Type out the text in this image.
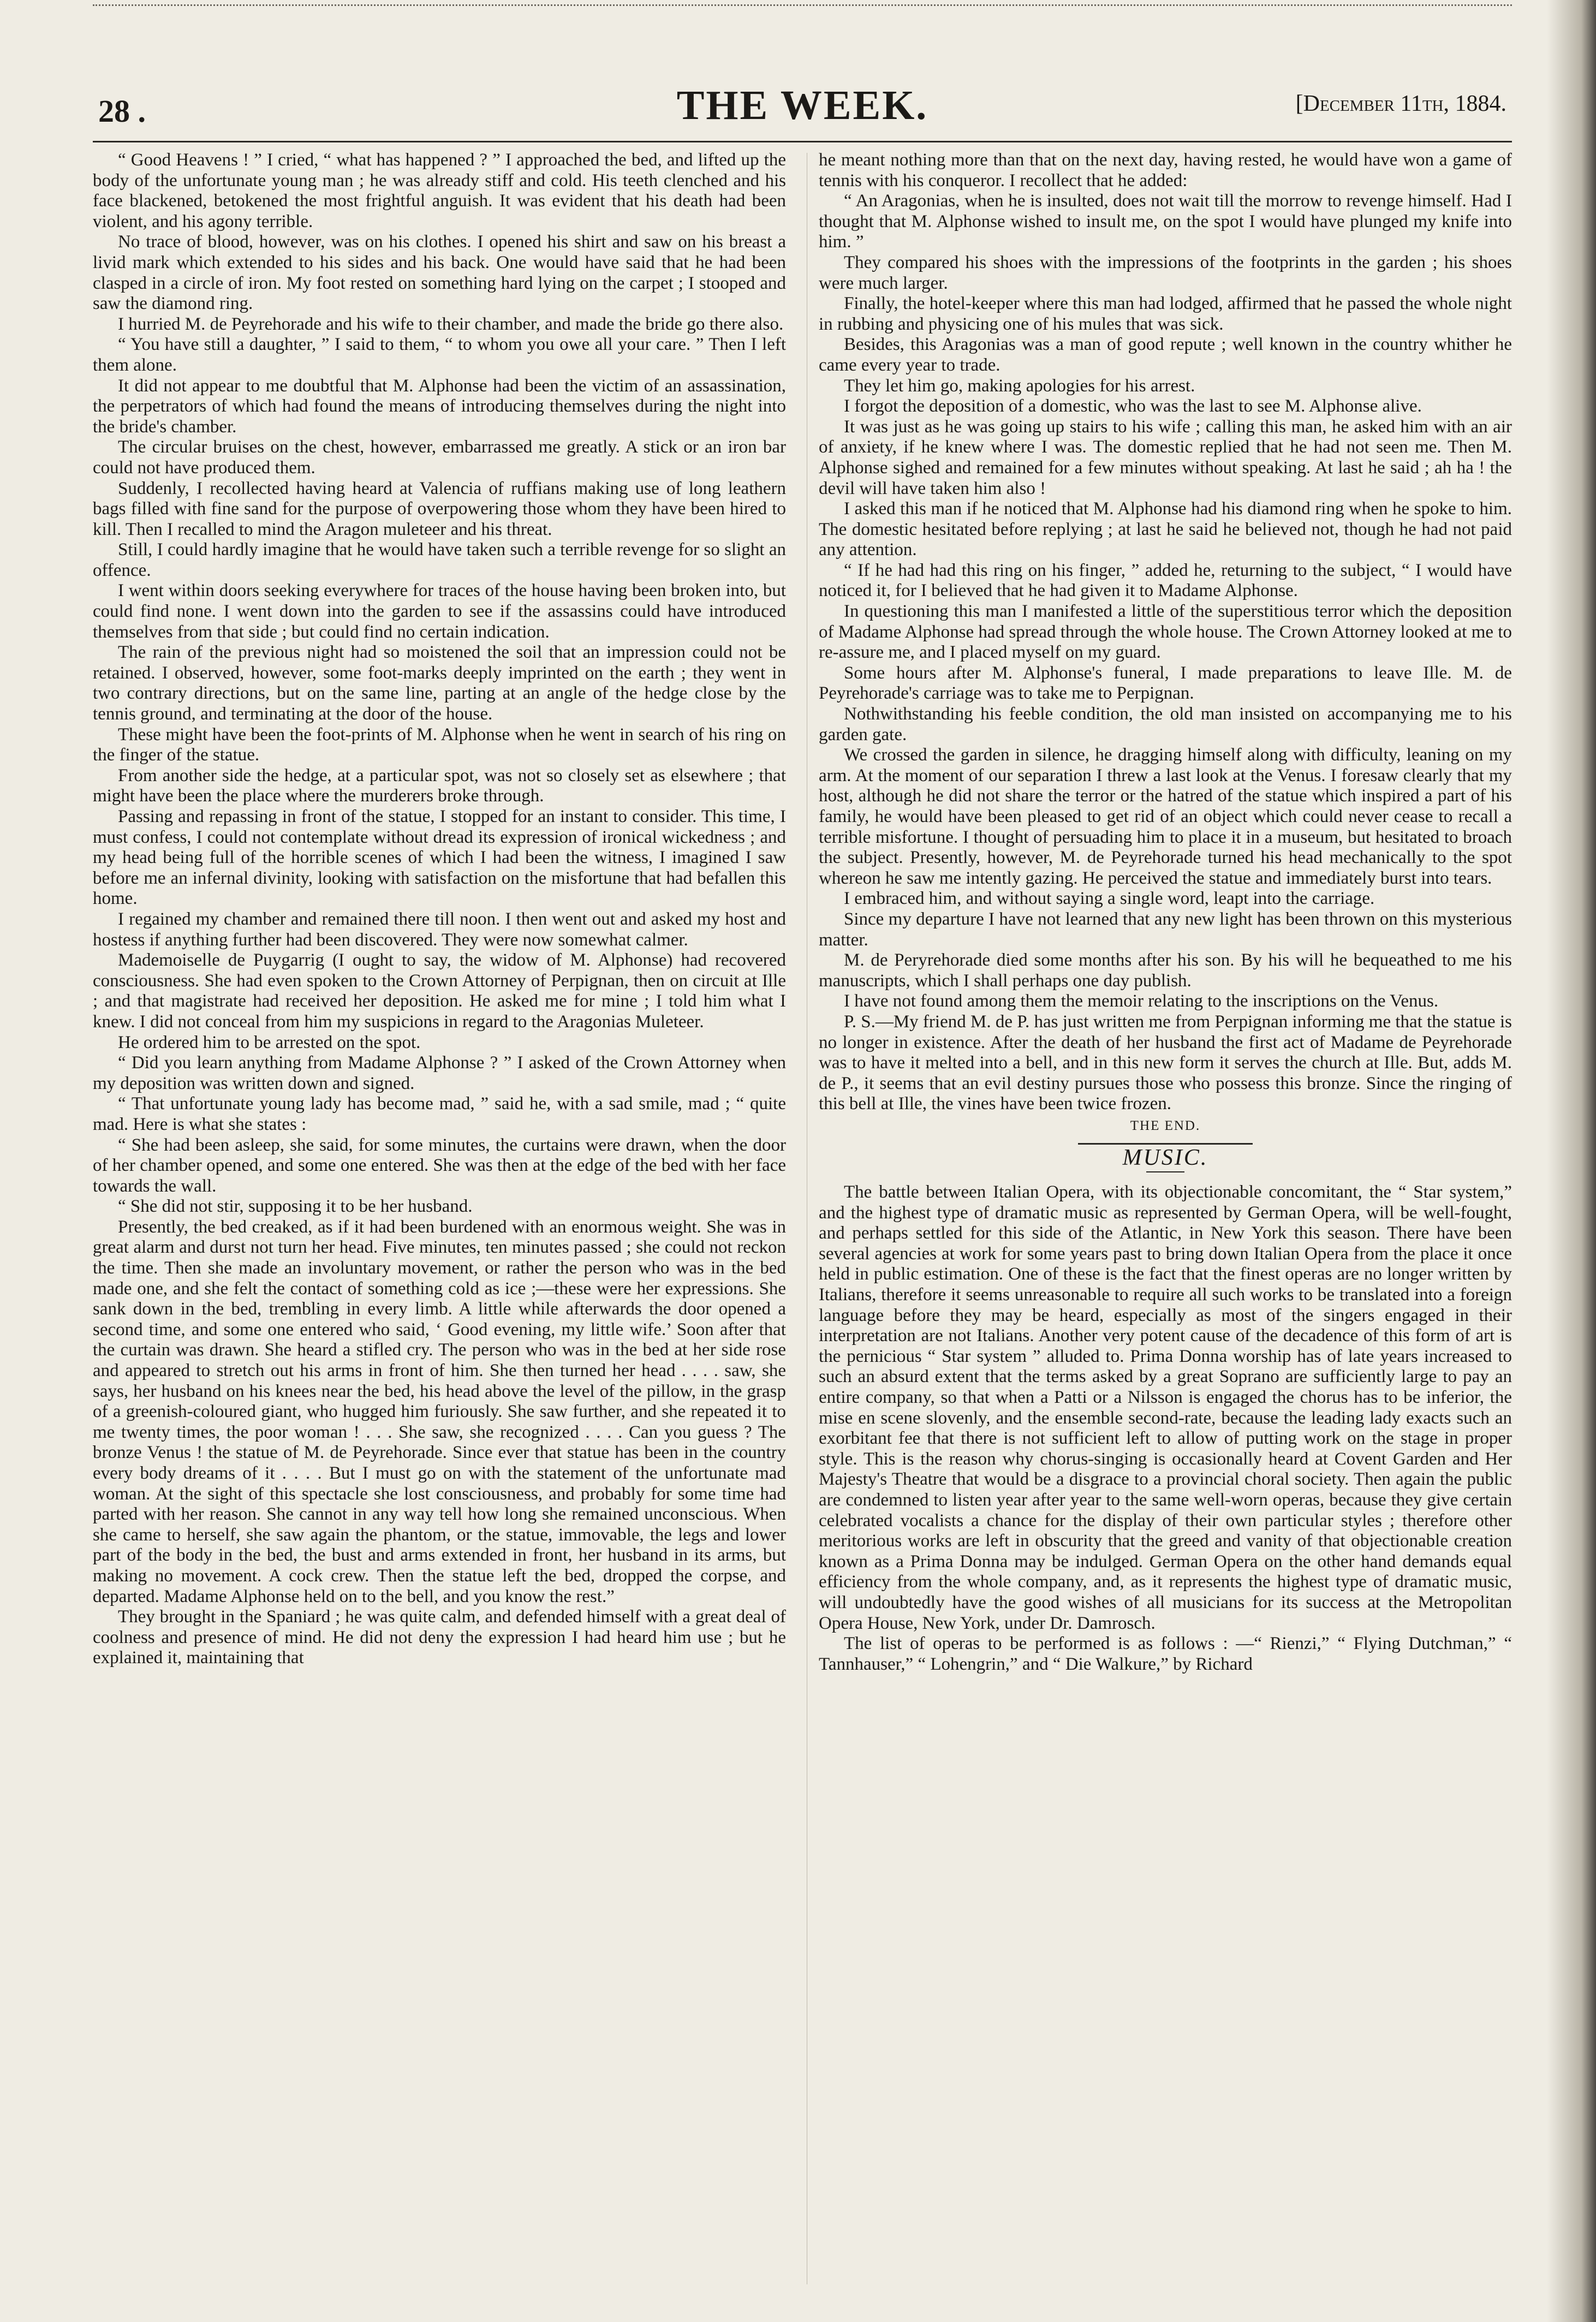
28 .	THE WEEK.	[December 11th, 1884.

“ Good Heavens ! ” I cried, “ what has happened ? ” I approached the bed, and lifted up the body of the unfortunate young man ; he was already stiff and cold. His teeth clenched and his face blackened, betokened the most frightful anguish. It was evident that his death had been violent, and his agony terrible.

No trace of blood, however, was on his clothes. I opened his shirt and saw on his breast a livid mark which extended to his sides and his back. One would have said that he had been clasped in a circle of iron. My foot rested on something hard lying on the carpet ; I stooped and saw the diamond ring.

I hurried M. de Peyrehorade and his wife to their chamber, and made the bride go there also.

“ You have still a daughter, ” I said to them, “ to whom you owe all your care. ” Then I left them alone.

It did not appear to me doubtful that M. Alphonse had been the victim of an assassination, the perpetrators of which had found the means of introducing themselves during the night into the bride's chamber.

The circular bruises on the chest, however, embarrassed me greatly. A stick or an iron bar could not have produced them.

Suddenly, I recollected having heard at Valencia of ruffians making use of long leathern bags filled with fine sand for the purpose of overpowering those whom they have been hired to kill. Then I recalled to mind the Aragon muleteer and his threat.

Still, I could hardly imagine that he would have taken such a terrible revenge for so slight an offence.

I went within doors seeking everywhere for traces of the house having been broken into, but could find none. I went down into the garden to see if the assassins could have introduced themselves from that side ; but could find no certain indication.

The rain of the previous night had so moistened the soil that an impression could not be retained. I observed, however, some foot-marks deeply imprinted on the earth ; they went in two contrary directions, but on the same line, parting at an angle of the hedge close by the tennis ground, and terminating at the door of the house.

These might have been the foot-prints of M. Alphonse when he went in search of his ring on the finger of the statue.

From another side the hedge, at a particular spot, was not so closely set as elsewhere ; that might have been the place where the murderers broke through.

Passing and repassing in front of the statue, I stopped for an instant to consider. This time, I must confess, I could not contemplate without dread its expression of ironical wickedness ; and my head being full of the horrible scenes of which I had been the witness, I imagined I saw before me an infernal divinity, looking with satisfaction on the misfortune that had befallen this home.

I regained my chamber and remained there till noon. I then went out and asked my host and hostess if anything further had been discovered. They were now somewhat calmer.

Mademoiselle de Puygarrig (I ought to say, the widow of M. Alphonse) had recovered consciousness. She had even spoken to the Crown Attorney of Perpignan, then on circuit at Ille ; and that magistrate had received her deposition. He asked me for mine ; I told him what I knew. I did not conceal from him my suspicions in regard to the Aragonias Muleteer.

He ordered him to be arrested on the spot.

“ Did you learn anything from Madame Alphonse ? ” I asked of the Crown Attorney when my deposition was written down and signed.

“ That unfortunate young lady has become mad, ” said he, with a sad smile, mad ; “ quite mad. Here is what she states :

“ She had been asleep, she said, for some minutes, the curtains were drawn, when the door of her chamber opened, and some one entered. She was then at the edge of the bed with her face towards the wall.

“ She did not stir, supposing it to be her husband.

Presently, the bed creaked, as if it had been burdened with an enormous weight. She was in great alarm and durst not turn her head. Five minutes, ten minutes passed ; she could not reckon the time. Then she made an involuntary movement, or rather the person who was in the bed made one, and she felt the contact of something cold as ice ;—these were her expressions. She sank down in the bed, trembling in every limb. A little while afterwards the door opened a second time, and some one entered who said, ‘ Good evening, my little wife.’ Soon after that the curtain was drawn. She heard a stifled cry. The person who was in the bed at her side rose and appeared to stretch out his arms in front of him. She then turned her head . . . . saw, she says, her husband on his knees near the bed, his head above the level of the pillow, in the grasp of a greenish-coloured giant, who hugged him furiously. She saw further, and she repeated it to me twenty times, the poor woman ! . . . She saw, she recognized . . . . Can you guess ? The bronze Venus ! the statue of M. de Peyrehorade. Since ever that statue has been in the country every body dreams of it . . . . But I must go on with the statement of the unfortunate mad woman. At the sight of this spectacle she lost consciousness, and probably for some time had parted with her reason. She cannot in any way tell how long she remained unconscious. When she came to herself, she saw again the phantom, or the statue, immovable, the legs and lower part of the body in the bed, the bust and arms extended in front, her husband in its arms, but making no movement. A cock crew. Then the statue left the bed, dropped the corpse, and departed. Madame Alphonse held on to the bell, and you know the rest.”

They brought in the Spaniard ; he was quite calm, and defended himself with a great deal of coolness and presence of mind. He did not deny the expression I had heard him use ; but he explained it, maintaining that

he meant nothing more than that on the next day, having rested, he would have won a game of tennis with his conqueror. I recollect that he added:

“ An Aragonias, when he is insulted, does not wait till the morrow to revenge himself. Had I thought that M. Alphonse wished to insult me, on the spot I would have plunged my knife into him. ”

They compared his shoes with the impressions of the footprints in the garden ; his shoes were much larger.

Finally, the hotel-keeper where this man had lodged, affirmed that he passed the whole night in rubbing and physicing one of his mules that was sick.

Besides, this Aragonias was a man of good repute ; well known in the country whither he came every year to trade.

They let him go, making apologies for his arrest.

I forgot the deposition of a domestic, who was the last to see M. Alphonse alive.

It was just as he was going up stairs to his wife ; calling this man, he asked him with an air of anxiety, if he knew where I was. The domestic replied that he had not seen me. Then M. Alphonse sighed and remained for a few minutes without speaking. At last he said ; ah ha ! the devil will have taken him also !

I asked this man if he noticed that M. Alphonse had his diamond ring when he spoke to him. The domestic hesitated before replying ; at last he said he believed not, though he had not paid any attention.

“ If he had had this ring on his finger, ” added he, returning to the subject, “ I would have noticed it, for I believed that he had given it to Madame Alphonse.

In questioning this man I manifested a little of the superstitious terror which the deposition of Madame Alphonse had spread through the whole house. The Crown Attorney looked at me to re-assure me, and I placed myself on my guard.

Some hours after M. Alphonse's funeral, I made preparations to leave Ille. M. de Peyrehorade's carriage was to take me to Perpignan.

Nothwithstanding his feeble condition, the old man insisted on accompanying me to his garden gate.

We crossed the garden in silence, he dragging himself along with difficulty, leaning on my arm. At the moment of our separation I threw a last look at the Venus. I foresaw clearly that my host, although he did not share the terror or the hatred of the statue which inspired a part of his family, he would have been pleased to get rid of an object which could never cease to recall a terrible misfortune. I thought of persuading him to place it in a museum, but hesitated to broach the subject. Presently, however, M. de Peyrehorade turned his head mechanically to the spot whereon he saw me intently gazing. He perceived the statue and immediately burst into tears.

I embraced him, and without saying a single word, leapt into the carriage.

Since my departure I have not learned that any new light has been thrown on this mysterious matter.

M. de Peryrehorade died some months after his son. By his will he bequeathed to me his manuscripts, which I shall perhaps one day publish.

I have not found among them the memoir relating to the inscriptions on the Venus.

P. S.—My friend M. de P. has just written me from Perpignan informing me that the statue is no longer in existence. After the death of her husband the first act of Madame de Peyrehorade was to have it melted into a bell, and in this new form it serves the church at Ille. But, adds M. de P., it seems that an evil destiny pursues those who possess this bronze. Since the ringing of this bell at Ille, the vines have been twice frozen.

THE END.
MUSIC.

The battle between Italian Opera, with its objectionable concomitant, the “ Star system,” and the highest type of dramatic music as represented by German Opera, will be well-fought, and perhaps settled for this side of the Atlantic, in New York this season. There have been several agencies at work for some years past to bring down Italian Opera from the place it once held in public estimation. One of these is the fact that the finest operas are no longer written by Italians, therefore it seems unreasonable to require all such works to be translated into a foreign language before they may be heard, especially as most of the singers engaged in their interpretation are not Italians. Another very potent cause of the decadence of this form of art is the pernicious “ Star system ” alluded to. Prima Donna worship has of late years increased to such an absurd extent that the terms asked by a great Soprano are sufficiently large to pay an entire company, so that when a Patti or a Nilsson is engaged the chorus has to be inferior, the mise en scene slovenly, and the ensemble second-rate, because the leading lady exacts such an exorbitant fee that there is not sufficient left to allow of putting work on the stage in proper style. This is the reason why chorus-singing is occasionally heard at Covent Garden and Her Majesty's Theatre that would be a disgrace to a provincial choral society. Then again the public are condemned to listen year after year to the same well-worn operas, because they give certain celebrated vocalists a chance for the display of their own particular styles ; therefore other meritorious works are left in obscurity that the greed and vanity of that objectionable creation known as a Prima Donna may be indulged. German Opera on the other hand demands equal efficiency from the whole company, and, as it represents the highest type of dramatic music, will undoubtedly have the good wishes of all musicians for its success at the Metropolitan Opera House, New York, under Dr. Damrosch.

The list of operas to be performed is as follows : —“ Rienzi,” “ Flying Dutchman,” “ Tannhauser,” “ Lohengrin,” and “ Die Walkure,” by Richard
